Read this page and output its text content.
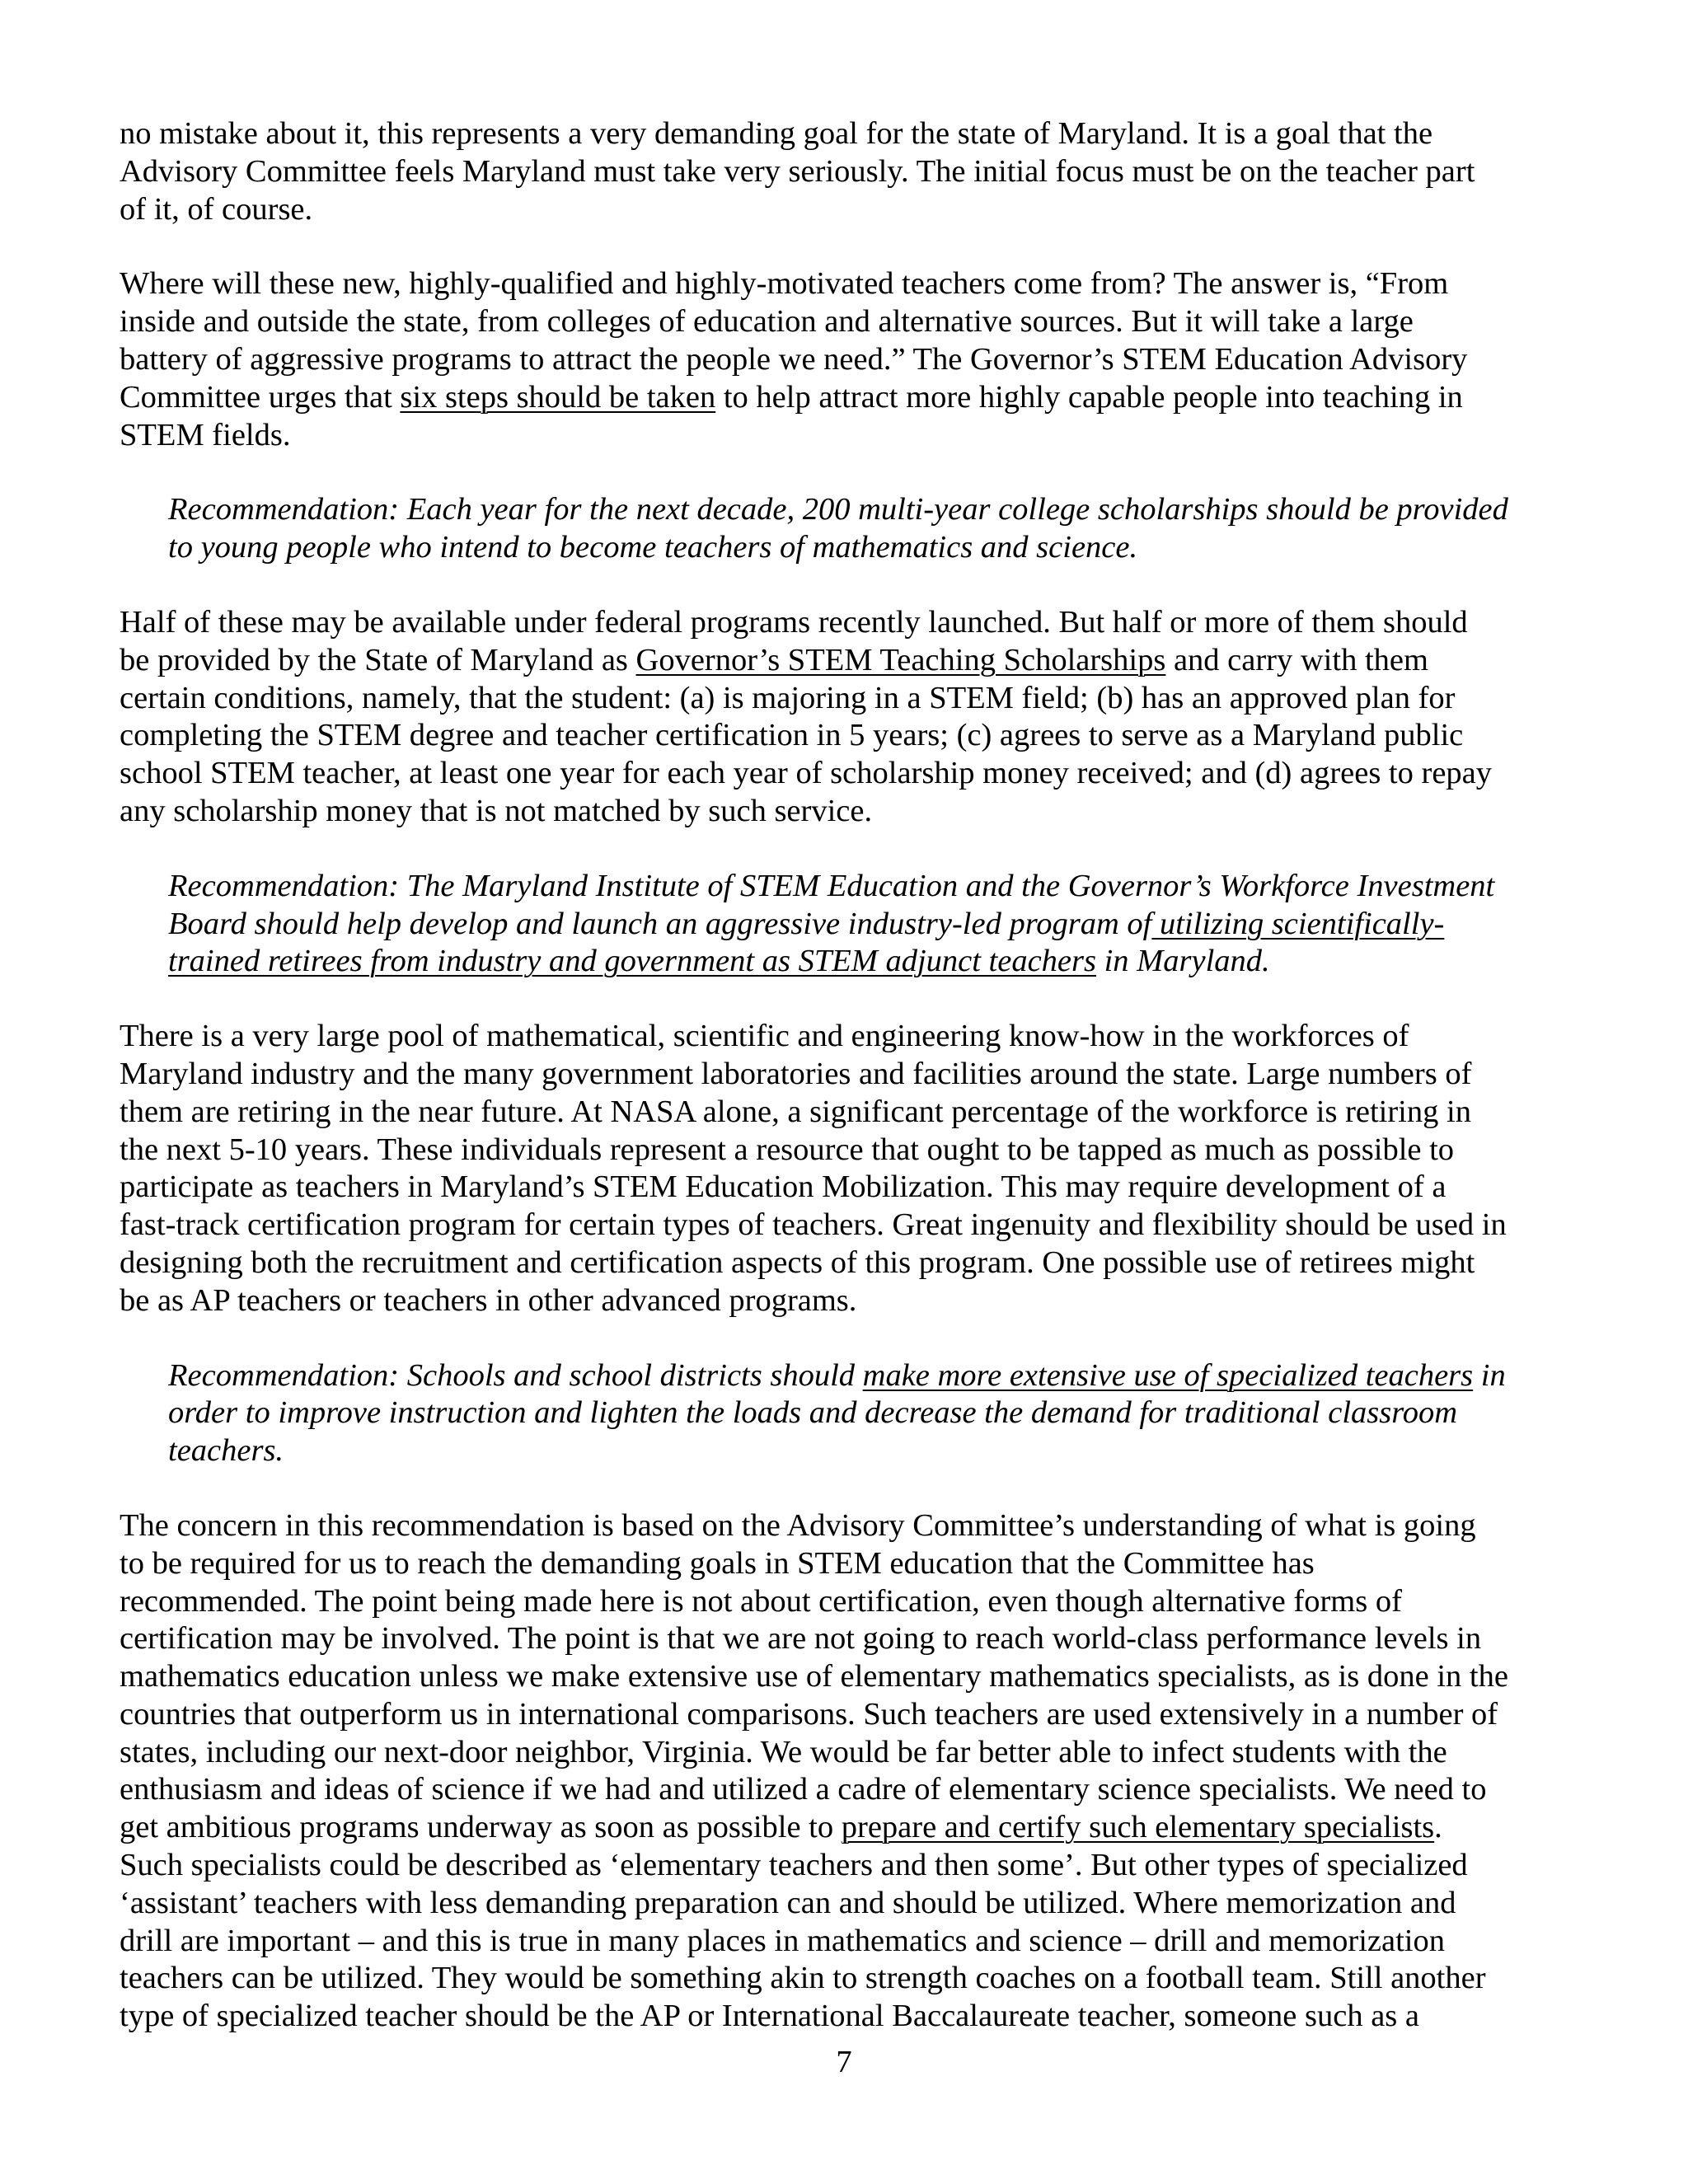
no mistake about it, this represents a very demanding goal for the state of Maryland. It is a goal that the
Advisory Committee feels Maryland must take very seriously. The initial focus must be on the teacher part
of it, of course.

Where will these new, highly-qualified and highly-motivated teachers come from? The answer is, “From
inside and outside the state, from colleges of education and alternative sources. But it will take a large
battery of aggressive programs to attract the people we need.” The Governor’s STEM Education Advisory
Committee urges that six steps should be taken to help attract more highly capable people into teaching in
STEM fields.

Recommendation: Each year for the next decade, 200 multi-year college scholarships should be provided
to young people who intend to become teachers of mathematics and science.

Half of these may be available under federal programs recently launched. But half or more of them should
be provided by the State of Maryland as Governor’s STEM Teaching Scholarships and carry with them
certain conditions, namely, that the student: (a) is majoring in a STEM field; (b) has an approved plan for
completing the STEM degree and teacher certification in 5 years; (c) agrees to serve as a Maryland public
school STEM teacher, at least one year for each year of scholarship money received; and (d) agrees to repay
any scholarship money that is not matched by such service.

Recommendation: The Maryland Institute of STEM Education and the Governor’s Workforce Investment
Board should help develop and launch an aggressive industry-led program of utilizing scientifically-
trained retirees from industry and government as STEM adjunct teachers in Maryland.

There is a very large pool of mathematical, scientific and engineering know-how in the workforces of
Maryland industry and the many government laboratories and facilities around the state. Large numbers of
them are retiring in the near future. At NASA alone, a significant percentage of the workforce is retiring in
the next 5-10 years. These individuals represent a resource that ought to be tapped as much as possible to
participate as teachers in Maryland’s STEM Education Mobilization. This may require development of a
fast-track certification program for certain types of teachers. Great ingenuity and flexibility should be used in
designing both the recruitment and certification aspects of this program. One possible use of retirees might
be as AP teachers or teachers in other advanced programs.

Recommendation: Schools and school districts should make more extensive use of specialized teachers in
order to improve instruction and lighten the loads and decrease the demand for traditional classroom
teachers.

The concern in this recommendation is based on the Advisory Committee’s understanding of what is going
to be required for us to reach the demanding goals in STEM education that the Committee has
recommended. The point being made here is not about certification, even though alternative forms of
certification may be involved. The point is that we are not going to reach world-class performance levels in
mathematics education unless we make extensive use of elementary mathematics specialists, as is done in the
countries that outperform us in international comparisons. Such teachers are used extensively in a number of
states, including our next-door neighbor, Virginia. We would be far better able to infect students with the
enthusiasm and ideas of science if we had and utilized a cadre of elementary science specialists. We need to
get ambitious programs underway as soon as possible to prepare and certify such elementary specialists.
Such specialists could be described as ‘elementary teachers and then some’. But other types of specialized
‘assistant’ teachers with less demanding preparation can and should be utilized. Where memorization and
drill are important – and this is true in many places in mathematics and science – drill and memorization
teachers can be utilized. They would be something akin to strength coaches on a football team. Still another
type of specialized teacher should be the AP or International Baccalaureate teacher, someone such as a

7
